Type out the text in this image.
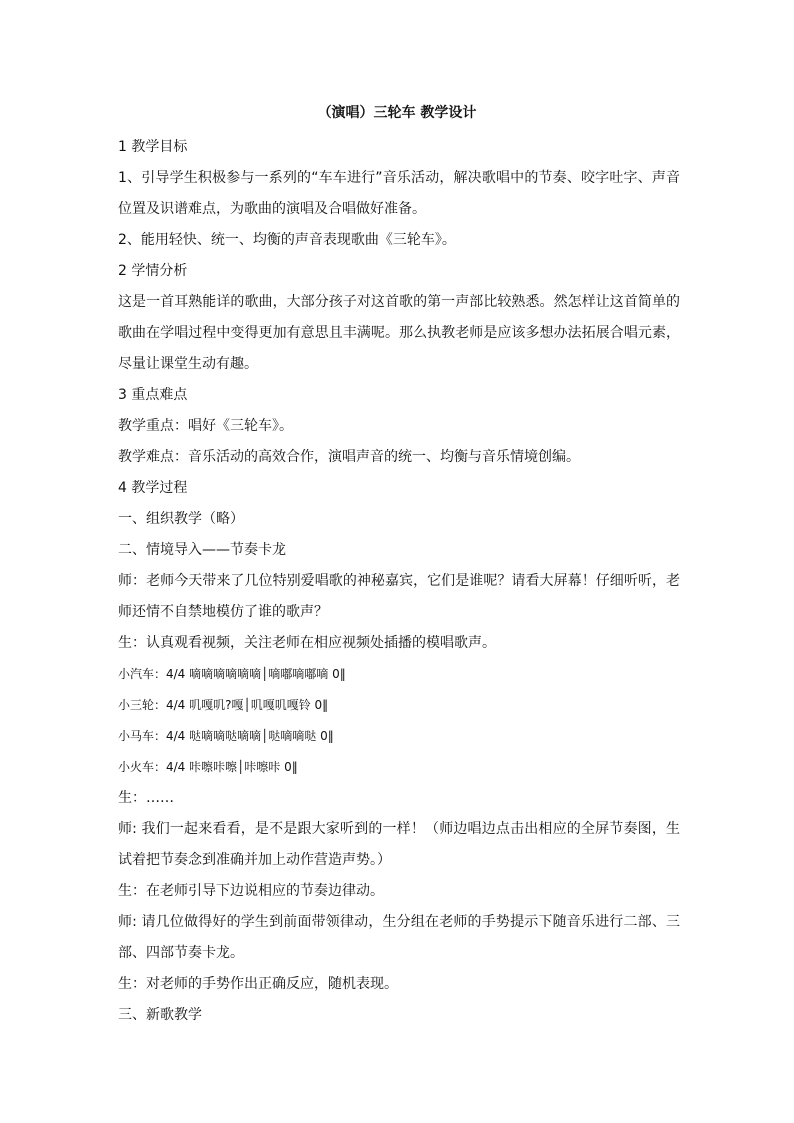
（演唱）三轮车 教学设计
1 教学目标
1、引导学生积极参与一系列的“车车进行”音乐活动，解决歌唱中的节奏、咬字吐字、声音位置及识谱难点，为歌曲的演唱及合唱做好准备。
2、能用轻快、统一、均衡的声音表现歌曲《三轮车》。
2 学情分析
这是一首耳熟能详的歌曲，大部分孩子对这首歌的第一声部比较熟悉。然怎样让这首简单的歌曲在学唱过程中变得更加有意思且丰满呢。那么执教老师是应该多想办法拓展合唱元素，尽量让课堂生动有趣。
3 重点难点
教学重点：唱好《三轮车》。
教学难点：音乐活动的高效合作，演唱声音的统一、均衡与音乐情境创编。
4 教学过程
一、组织教学（略）
二、情境导入——节奏卡龙
师：老师今天带来了几位特别爱唱歌的神秘嘉宾，它们是谁呢？请看大屏幕！仔细听听，老师还情不自禁地模仿了谁的歌声？
生：认真观看视频，关注老师在相应视频处插播的模唱歌声。
小汽车：4/4 嘀嘀嘀嘀嘀嘀│嘀嘟嘀嘟嘀 0‖
小三轮：4/4 叽嘎叽?嘎│叽嘎叽嘎铃 0‖
小马车：4/4 哒嘀嘀哒嘀嘀│哒嘀嘀哒 0‖
小火车：4/4 咔嚓咔嚓│咔嚓咔 0‖
生：……
师: 我们一起来看看，是不是跟大家听到的一样！（师边唱边点击出相应的全屏节奏图，生试着把节奏念到准确并加上动作营造声势。）
生：在老师引导下边说相应的节奏边律动。
师: 请几位做得好的学生到前面带领律动，生分组在老师的手势提示下随音乐进行二部、三部、四部节奏卡龙。
生：对老师的手势作出正确反应，随机表现。
三、新歌教学
